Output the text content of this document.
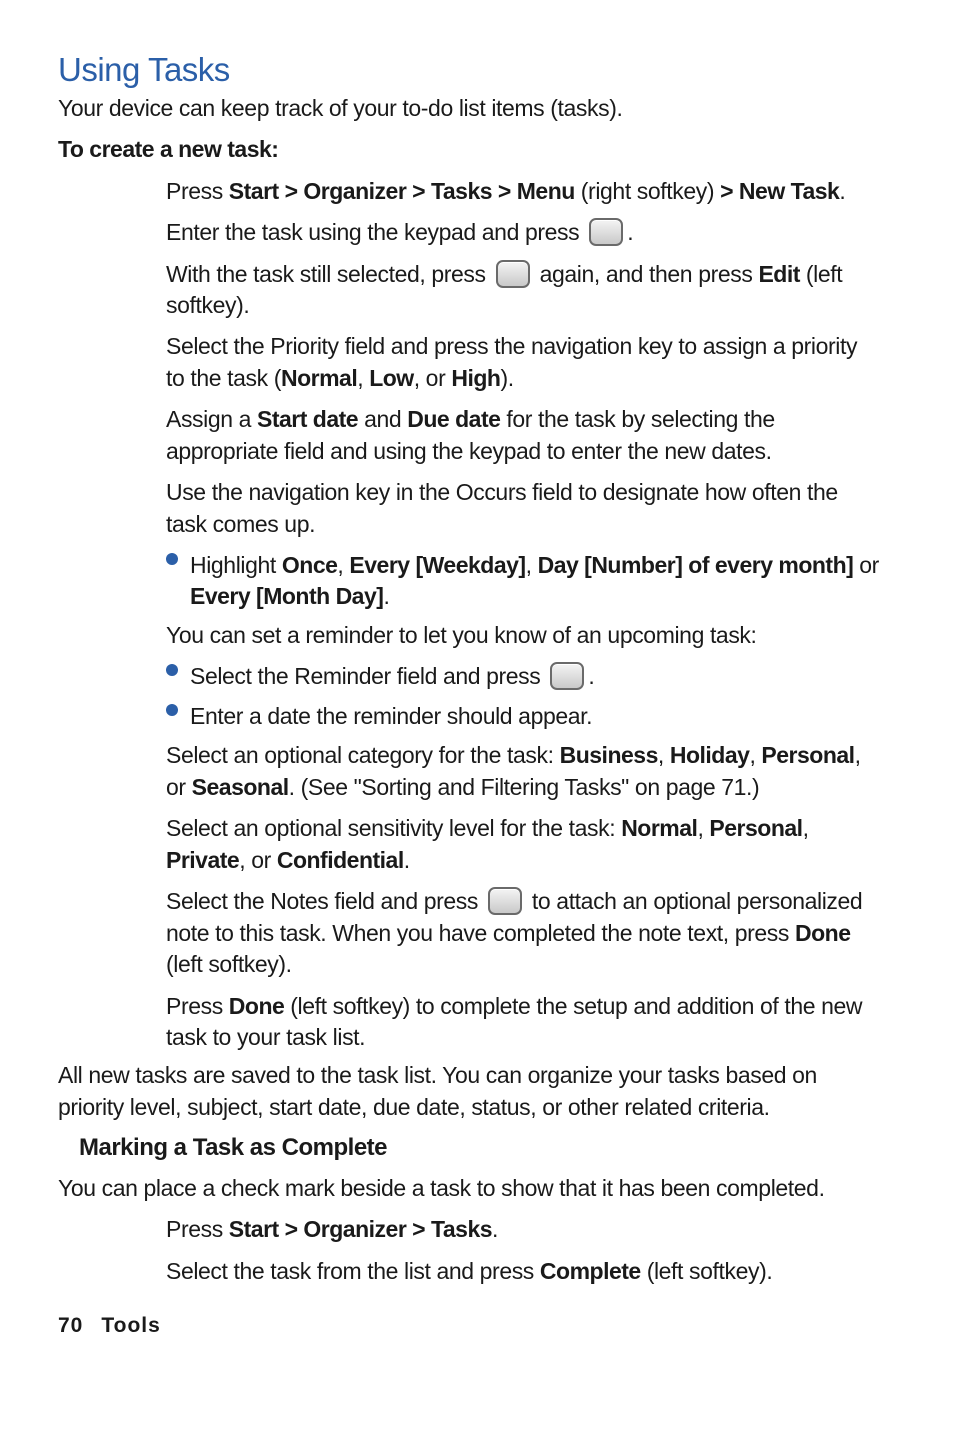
Using Tasks
Your device can keep track of your to-do list items (tasks).
To create a new task:
Press Start > Organizer > Tasks > Menu (right softkey) > New Task.
Enter the task using the keypad and press .
With the task still selected, press  again, and then press Edit (left
softkey).
Select the Priority field and press the navigation key to assign a priority
to the task (Normal, Low, or High).
Assign a Start date and Due date for the task by selecting the
appropriate field and using the keypad to enter the new dates.
Use the navigation key in the Occurs field to designate how often the
task comes up.
Highlight Once, Every [Weekday], Day [Number] of every month] or
Every [Month Day].
You can set a reminder to let you know of an upcoming task:
Select the Reminder field and press .
Enter a date the reminder should appear.
Select an optional category for the task: Business, Holiday, Personal,
or Seasonal. (See "Sorting and Filtering Tasks" on page 71.)
Select an optional sensitivity level for the task: Normal, Personal,
Private, or Confidential.
Select the Notes field and press  to attach an optional personalized
note to this task. When you have completed the note text, press Done
(left softkey).
Press Done (left softkey) to complete the setup and addition of the new
task to your task list.
All new tasks are saved to the task list. You can organize your tasks based on
priority level, subject, start date, due date, status, or other related criteria.
Marking a Task as Complete
You can place a check mark beside a task to show that it has been completed.
Press Start > Organizer > Tasks.
Select the task from the list and press Complete (left softkey).
70 Tools
